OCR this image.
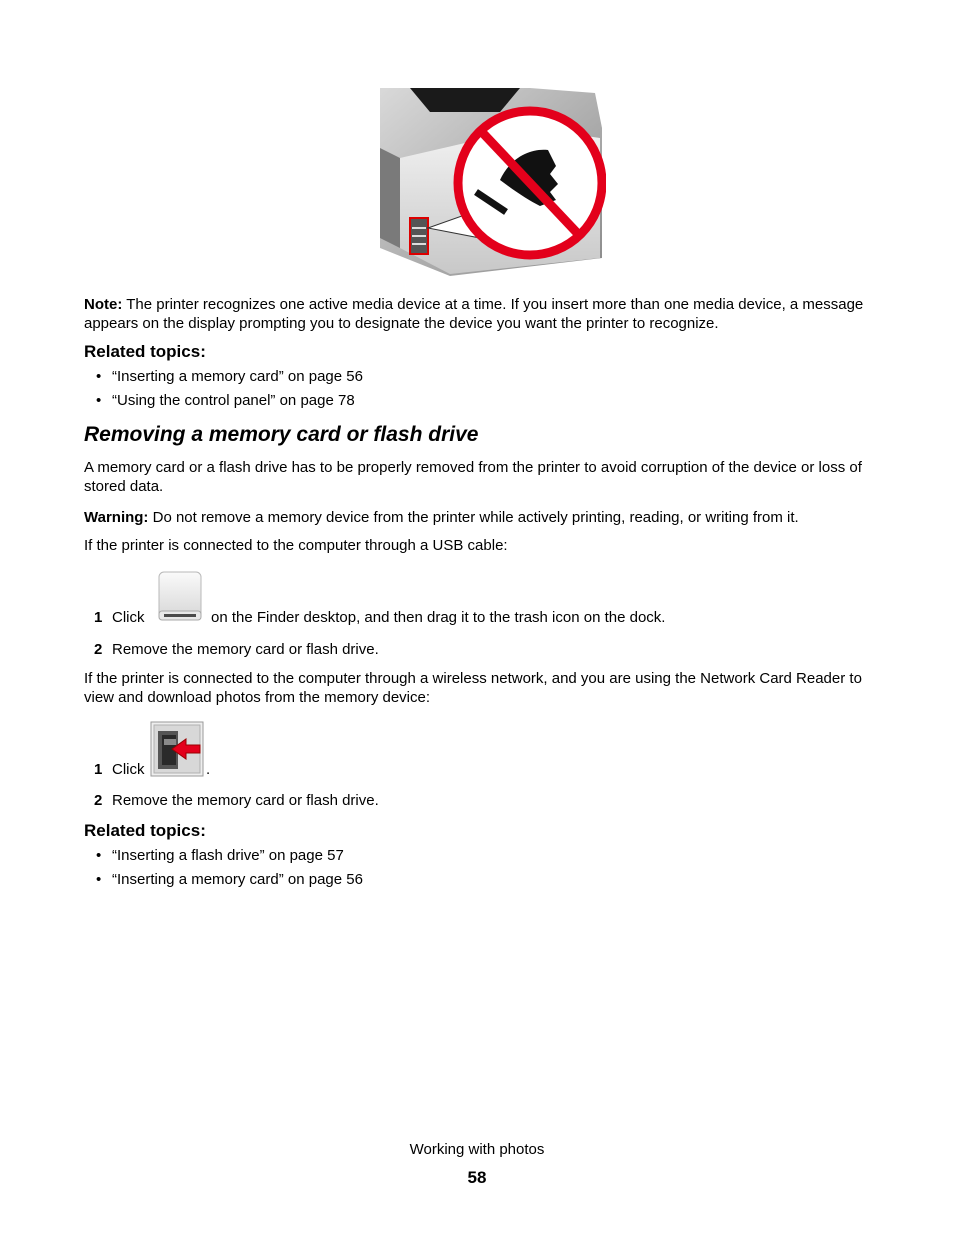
Note: The printer recognizes one active media device at a time. If you insert more than one media device, a message appears on the display prompting you to designate the device you want the printer to recognize.
Related topics:
• “Inserting a memory card” on page 56
• “Using the control panel” on page 78
Removing a memory card or flash drive
A memory card or a flash drive has to be properly removed from the printer to avoid corruption of the device or loss of stored data.
Warning: Do not remove a memory device from the printer while actively printing, reading, or writing from it.
If the printer is connected to the computer through a USB cable:
1 Click	on the Finder desktop, and then drag it to the trash icon on the dock.
2 Remove the memory card or flash drive.
If the printer is connected to the computer through a wireless network, and you are using the Network Card Reader to view and download photos from the memory device:
1 Click	.
2 Remove the memory card or flash drive.
Related topics:
• “Inserting a flash drive” on page 57
• “Inserting a memory card” on page 56
Working with photos
58
